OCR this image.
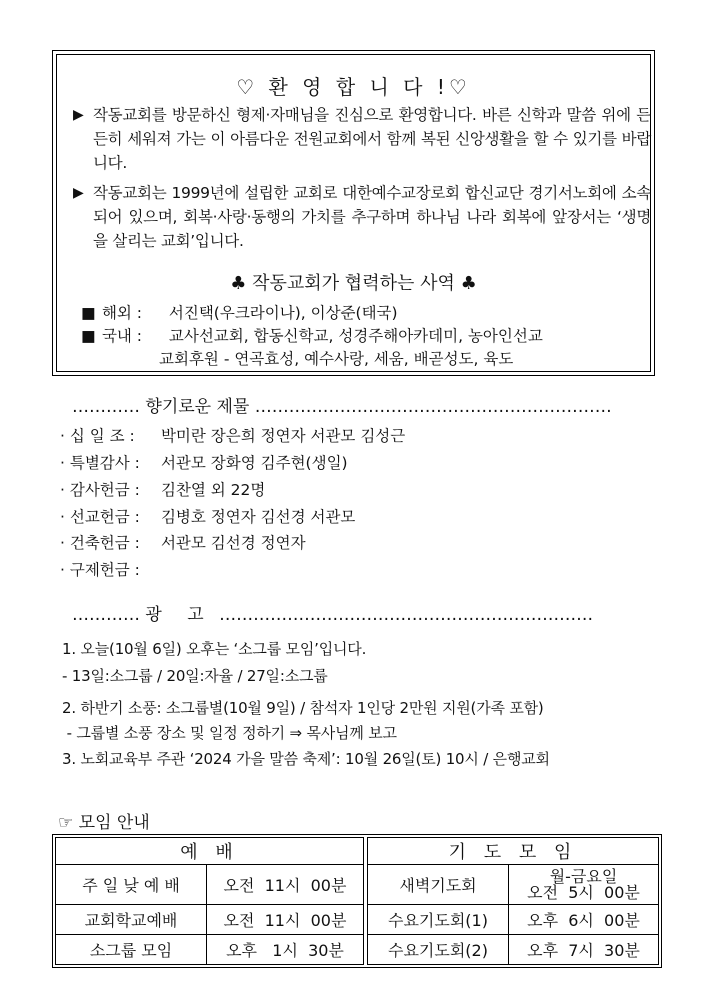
♡ 환 영 합 니 다 !♡
▶ 작동교회를 방문하신 형제·자매님을 진심으로 환영합니다. 바른 신학과 말씀 위에 든든히 세워져 가는 이 아름다운 전원교회에서 함께 복된 신앙생활을 할 수 있기를 바랍니다.
▶ 작동교회는 1999년에 설립한 교회로 대한예수교장로회 합신교단 경기서노회에 소속되어 있으며, 회복·사랑·동행의 가치를 추구하며 하나님 나라 회복에 앞장서는 ‘생명을 살리는 교회’입니다.
♣ 작동교회가 협력하는 사역 ♣
■ 해외 : 서진택(우크라이나), 이상준(태국)
■ 국내 : 교사선교회, 합동신학교, 성경주해아카데미, 농아인선교
교회후원 - 연곡효성, 예수사랑, 세움, 배곧성도, 육도
………… 향기로운 제물 ………………………………………………………
· 십 일 조 : 박미란 장은희 정연자 서관모 김성근
· 특별감사 : 서관모 장화영 김주현(생일)
· 감사헌금 : 김찬열 외 22명
· 선교헌금 : 김병호 정연자 김선경 서관모
· 건축헌금 : 서관모 김선경 정연자
· 구제헌금 :
………… 광 고 …………………………………………………………
1. 오늘(10월 6일) 오후는 ‘소그룹 모임’입니다.
- 13일:소그룹 / 20일:자율 / 27일:소그룹
2. 하반기 소풍: 소그룹별(10월 9일) / 참석자 1인당 2만원 지원(가족 포함)
- 그룹별 소풍 장소 및 일정 정하기 ⇒ 목사님께 보고
3. 노회교육부 주관 ‘2024 가을 말씀 축제’: 10월 26일(토) 10시 / 은행교회
☞ 모임 안내
예 배	
주 일 낮 예 배	오전  11시  00분
교회학교예배	오전  11시  00분
소그룹 모임	오후   1시  30분
기 도 모 임	
새벽기도회	월-금요일
오전  5시  00분

수요기도회(1)	오후  6시  00분
수요기도회(2)	오후  7시  30분
